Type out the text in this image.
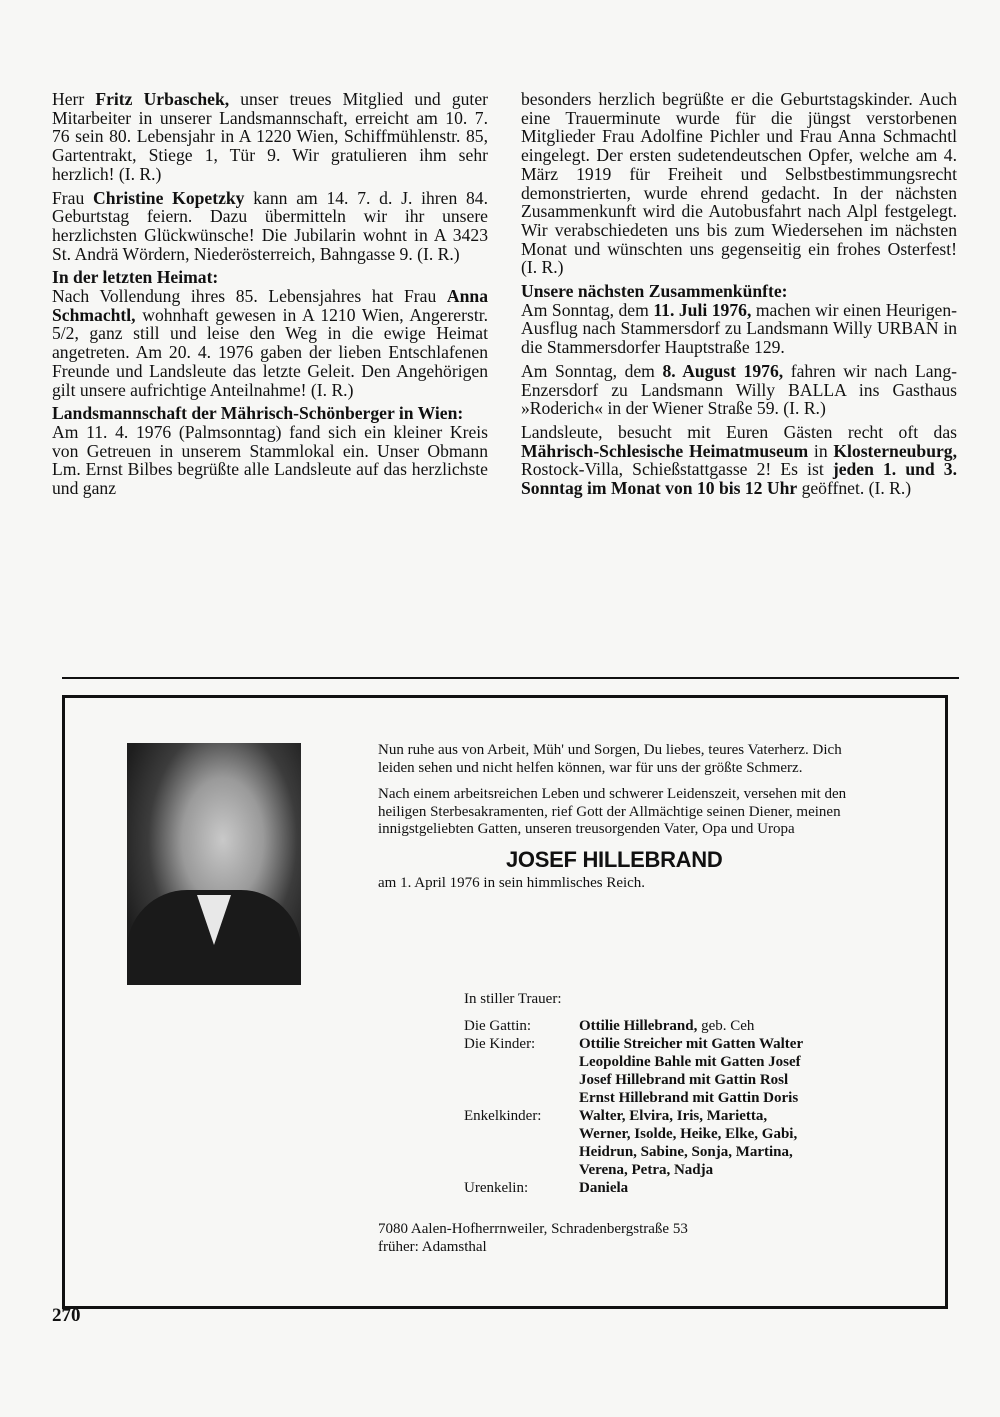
Herr Fritz Urbaschek, unser treues Mitglied und guter Mitarbeiter in unserer Landsmannschaft, erreicht am 10. 7. 76 sein 80. Lebensjahr in A 1220 Wien, Schiffmühlenstr. 85, Gartentrakt, Stiege 1, Tür 9. Wir gratulieren ihm sehr herzlich! (I. R.)

Frau Christine Kopetzky kann am 14. 7. d. J. ihren 84. Geburtstag feiern. Dazu übermitteln wir ihr unsere herzlichsten Glückwünsche! Die Jubilarin wohnt in A 3423 St. Andrä Wördern, Niederösterreich, Bahngasse 9. (I. R.)

In der letzten Heimat:

Nach Vollendung ihres 85. Lebensjahres hat Frau Anna Schmachtl, wohnhaft gewesen in A 1210 Wien, Angererstr. 5/2, ganz still und leise den Weg in die ewige Heimat angetreten. Am 20. 4. 1976 gaben der lieben Entschlafenen Freunde und Landsleute das letzte Geleit. Den Angehörigen gilt unsere aufrichtige Anteilnahme! (I. R.)

Landsmannschaft der Mährisch-Schönberger in Wien:

Am 11. 4. 1976 (Palmsonntag) fand sich ein kleiner Kreis von Getreuen in unserem Stammlokal ein. Unser Obmann Lm. Ernst Bilbes begrüßte alle Landsleute auf das herzlichste und ganz

besonders herzlich begrüßte er die Geburtstagskinder. Auch eine Trauerminute wurde für die jüngst verstorbenen Mitglieder Frau Adolfine Pichler und Frau Anna Schmachtl eingelegt. Der ersten sudetendeutschen Opfer, welche am 4. März 1919 für Freiheit und Selbstbestimmungsrecht demonstrierten, wurde ehrend gedacht. In der nächsten Zusammenkunft wird die Autobusfahrt nach Alpl festgelegt. Wir verabschiedeten uns bis zum Wiedersehen im nächsten Monat und wünschten uns gegenseitig ein frohes Osterfest! (I. R.)

Unsere nächsten Zusammenkünfte:

Am Sonntag, dem 11. Juli 1976, machen wir einen Heurigen-Ausflug nach Stammersdorf zu Landsmann Willy URBAN in die Stammersdorfer Hauptstraße 129.

Am Sonntag, dem 8. August 1976, fahren wir nach Lang-Enzersdorf zu Landsmann Willy BALLA ins Gasthaus »Roderich« in der Wiener Straße 59. (I. R.)

Landsleute, besucht mit Euren Gästen recht oft das Mährisch-Schlesische Heimatmuseum in Klosterneuburg, Rostock-Villa, Schießstattgasse 2! Es ist jeden 1. und 3. Sonntag im Monat von 10 bis 12 Uhr geöffnet. (I. R.)

Nun ruhe aus von Arbeit, Müh' und Sorgen, Du liebes, teures Vaterherz. Dich leiden sehen und nicht helfen können, war für uns der größte Schmerz.

Nach einem arbeitsreichen Leben und schwerer Leidenszeit, versehen mit den heiligen Sterbesakramenten, rief Gott der Allmächtige seinen Diener, meinen innigstgeliebten Gatten, unseren treusorgenden Vater, Opa und Uropa

JOSEF HILLEBRAND

am 1. April 1976 in sein himmlisches Reich.

In stiller Trauer:	
Die Gattin:	Ottilie Hillebrand, geb. Ceh
Die Kinder:	Ottilie Streicher mit Gatten Walter
	Leopoldine Bahle mit Gatten Josef
	Josef Hillebrand mit Gattin Rosl
	Ernst Hillebrand mit Gattin Doris
Enkelkinder:	Walter, Elvira, Iris, Marietta,
	Werner, Isolde, Heike, Elke, Gabi,
	Heidrun, Sabine, Sonja, Martina,
	Verena, Petra, Nadja
Urenkelin:	Daniela
7080 Aalen-Hofherrnweiler, Schradenbergstraße 53
früher: Adamsthal
270
